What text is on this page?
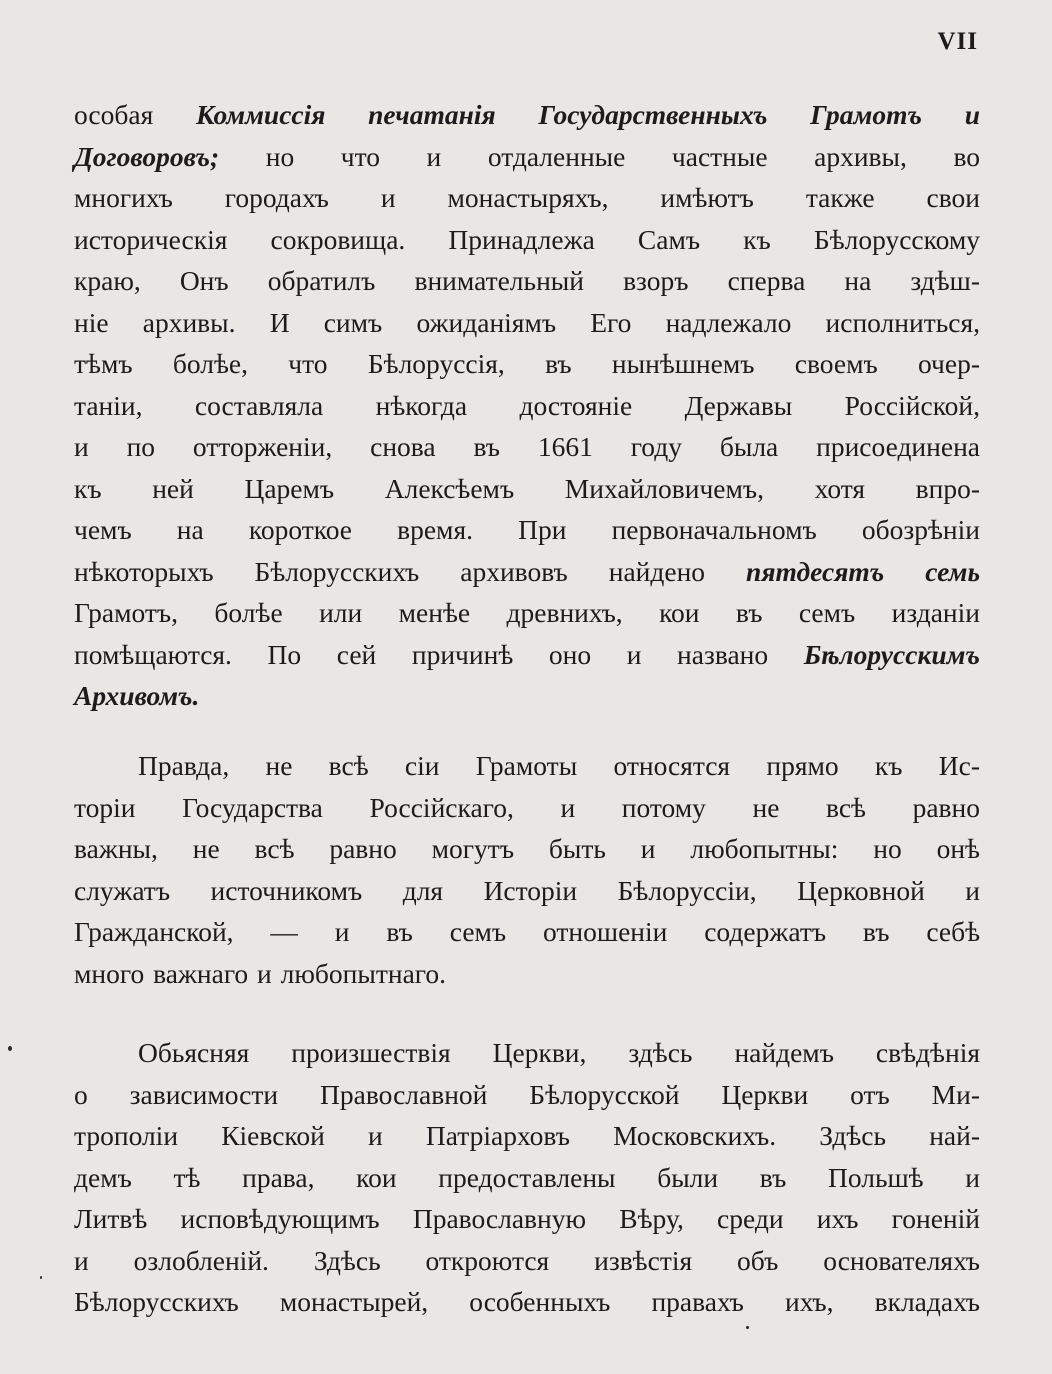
VII
особая Коммиссія печатанія Государственныхъ Грамотъ и
Договоровъ; но что и отдаленные частные архивы, во
многихъ городахъ и монастыряхъ, имѣютъ также свои
историческія сокровища. Принадлежа Самъ къ Бѣлорусскому
краю, Онъ обратилъ внимательный взоръ сперва на здѣш-
ніе архивы. И симъ ожиданіямъ Его надлежало исполниться,
тѣмъ болѣе, что Бѣлоруссія, въ нынѣшнемъ своемъ очер-
таніи, составляла нѣкогда достояніе Державы Россійской,
и по отторженіи, снова въ 1661 году была присоединена
къ ней Царемъ Алексѣемъ Михайловичемъ, хотя впро-
чемъ на короткое время. При первоначальномъ обозрѣніи
нѣкоторыхъ Бѣлорусскихъ архивовъ найдено пятдесятъ семь
Грамотъ, болѣе или менѣе древнихъ, кои въ семъ изданіи
помѣщаются. По сей причинѣ оно и названо Бѣлорусскимъ
Архивомъ.
Правда, не всѣ сіи Грамоты относятся прямо къ Ис-
торіи Государства Россійскаго, и потому не всѣ равно
важны, не всѣ равно могутъ быть и любопытны: но онѣ
служатъ источникомъ для Исторіи Бѣлоруссіи, Церковной и
Гражданской, — и въ семъ отношеніи содержатъ въ себѣ
много важнаго и любопытнаго.
Обьясняя произшествія Церкви, здѣсь найдемъ свѣдѣнія
о зависимости Православной Бѣлорусской Церкви отъ Ми-
трополіи Кіевской и Патріарховъ Московскихъ. Здѣсь най-
демъ тѣ права, кои предоставлены были въ Польшѣ и
Литвѣ исповѣдующимъ Православную Вѣру, среди ихъ гоненій
и озлобленій. Здѣсь откроются извѣстія объ основателяхъ
Бѣлорусскихъ монастырей, особенныхъ правахъ ихъ, вкладахъ
